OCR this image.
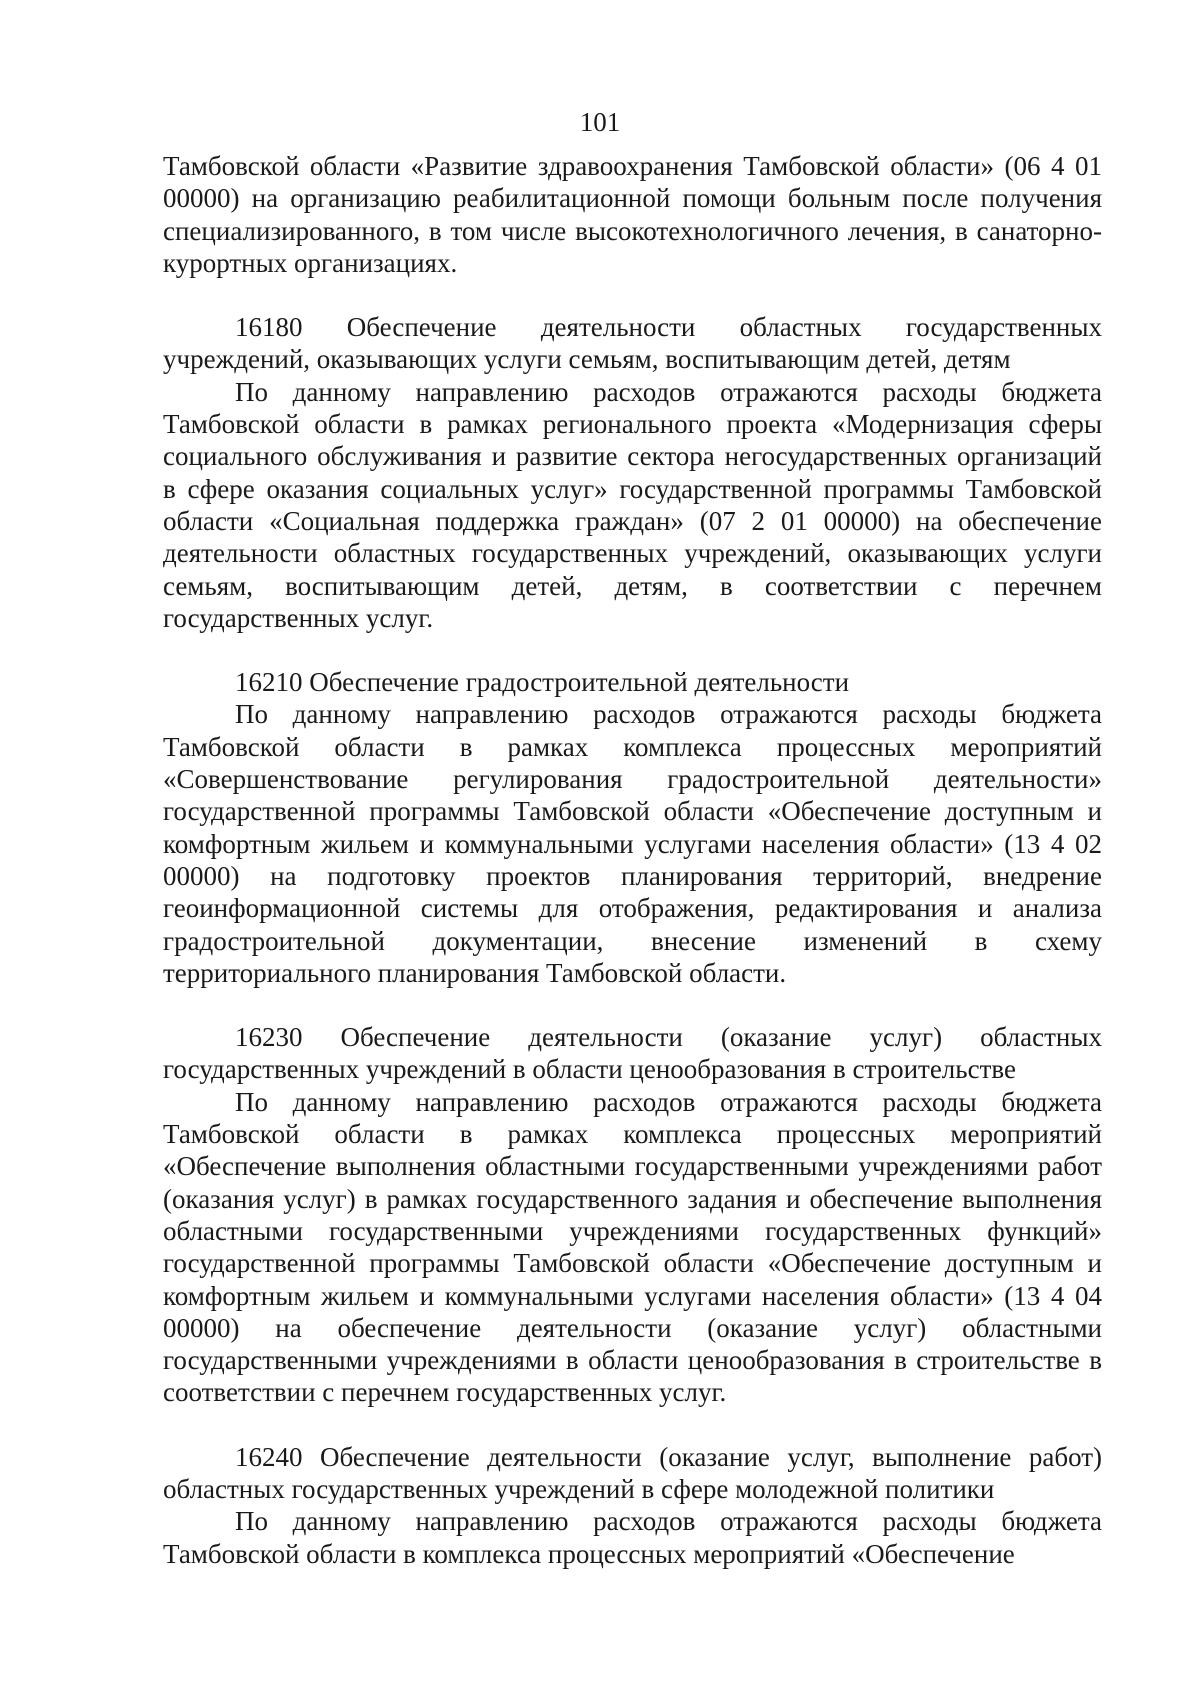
101

Тамбовской области «Развитие здравоохранения Тамбовской области» (06 4 01 00000) на организацию реабилитационной помощи больным после получения специализированного, в том числе высокотехнологичного лечения, в санаторно-курортных организациях.

16180 Обеспечение деятельности областных государственных учреждений, оказывающих услуги семьям, воспитывающим детей, детям

По данному направлению расходов отражаются расходы бюджета Тамбовской области в рамках регионального проекта «Модернизация сферы социального обслуживания и развитие сектора негосударственных организаций в сфере оказания социальных услуг» государственной программы Тамбовской области «Социальная поддержка граждан» (07 2 01 00000) на обеспечение деятельности областных государственных учреждений, оказывающих услуги семьям, воспитывающим детей, детям, в соответствии с перечнем государственных услуг.

16210 Обеспечение градостроительной деятельности

По данному направлению расходов отражаются расходы бюджета Тамбовской области в рамках комплекса процессных мероприятий «Совершенствование регулирования градостроительной деятельности» государственной программы Тамбовской области «Обеспечение доступным и комфортным жильем и коммунальными услугами населения области» (13 4 02 00000) на подготовку проектов планирования территорий, внедрение геоинформационной системы для отображения, редактирования и анализа градостроительной документации, внесение изменений в схему территориального планирования Тамбовской области.

16230 Обеспечение деятельности (оказание услуг) областных государственных учреждений в области ценообразования в строительстве

По данному направлению расходов отражаются расходы бюджета Тамбовской области в рамках комплекса процессных мероприятий «Обеспечение выполнения областными государственными учреждениями работ (оказания услуг) в рамках государственного задания и обеспечение выполнения областными государственными учреждениями государственных функций» государственной программы Тамбовской области «Обеспечение доступным и комфортным жильем и коммунальными услугами населения области» (13 4 04 00000) на обеспечение деятельности (оказание услуг) областными государственными учреждениями в области ценообразования в строительстве в соответствии с перечнем государственных услуг.

16240 Обеспечение деятельности (оказание услуг, выполнение работ) областных государственных учреждений в сфере молодежной политики

По данному направлению расходов отражаются расходы бюджета Тамбовской области в комплекса процессных мероприятий «Обеспечение
